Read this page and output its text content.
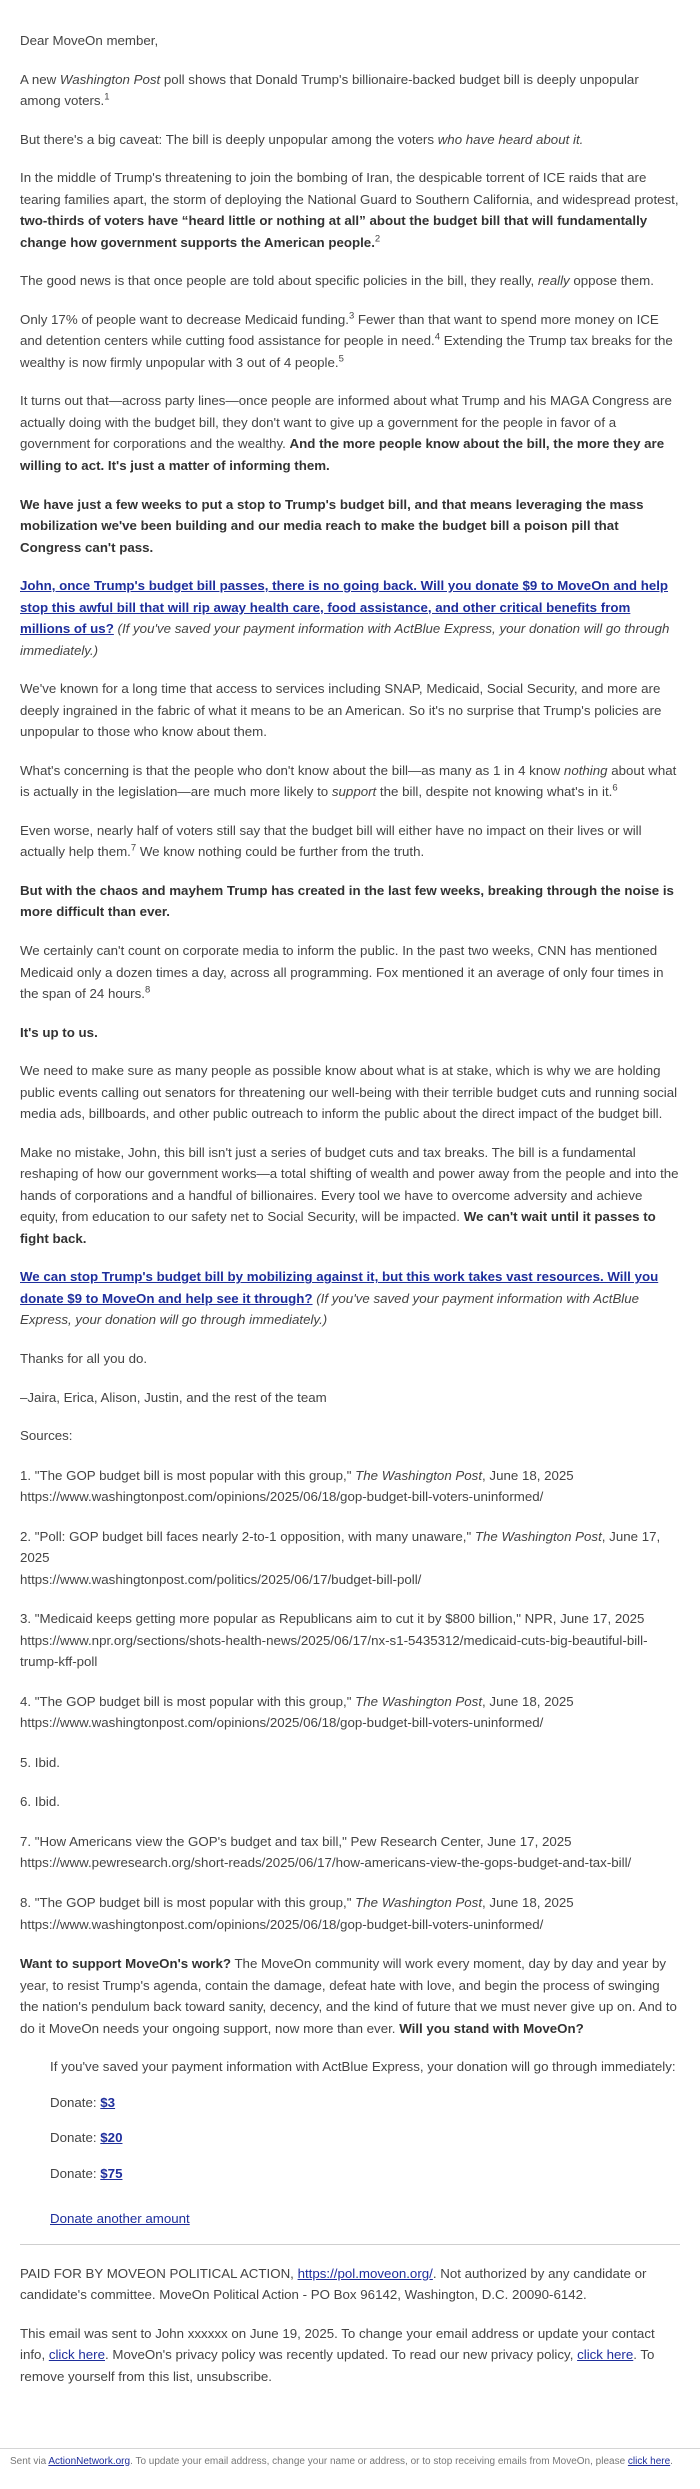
Dear MoveOn member,

A new Washington Post poll shows that Donald Trump's billionaire-backed budget bill is deeply unpopular among voters.$^1$

But there's a big caveat: The bill is deeply unpopular among the voters who have heard about it.

In the middle of Trump's threatening to join the bombing of Iran, the despicable torrent of ICE raids that are tearing families apart, the storm of deploying the National Guard to Southern California, and widespread protest, two-thirds of voters have “heard little or nothing at all” about the budget bill that will fundamentally change how government supports the American people.$^2$

The good news is that once people are told about specific policies in the bill, they really, really oppose them.

Only 17% of people want to decrease Medicaid funding.$^3$ Fewer than that want to spend more money on ICE and detention centers while cutting food assistance for people in need.$^4$ Extending the Trump tax breaks for the wealthy is now firmly unpopular with 3 out of 4 people.$^5$

It turns out that—across party lines—once people are informed about what Trump and his MAGA Congress are actually doing with the budget bill, they don't want to give up a government for the people in favor of a government for corporations and the wealthy. And the more people know about the bill, the more they are willing to act. It's just a matter of informing them.

We have just a few weeks to put a stop to Trump's budget bill, and that means leveraging the mass mobilization we've been building and our media reach to make the budget bill a poison pill that Congress can't pass.

John, once Trump's budget bill passes, there is no going back. Will you donate $9 to MoveOn and help stop this awful bill that will rip away health care, food assistance, and other critical benefits from millions of us? (If you've saved your payment information with ActBlue Express, your donation will go through immediately.)

We've known for a long time that access to services including SNAP, Medicaid, Social Security, and more are deeply ingrained in the fabric of what it means to be an American. So it's no surprise that Trump's policies are unpopular to those who know about them.

What's concerning is that the people who don't know about the bill—as many as 1 in 4 know nothing about what is actually in the legislation—are much more likely to support the bill, despite not knowing what's in it.$^6$

Even worse, nearly half of voters still say that the budget bill will either have no impact on their lives or will actually help them.$^7$ We know nothing could be further from the truth.

But with the chaos and mayhem Trump has created in the last few weeks, breaking through the noise is more difficult than ever.

We certainly can't count on corporate media to inform the public. In the past two weeks, CNN has mentioned Medicaid only a dozen times a day, across all programming. Fox mentioned it an average of only four times in the span of 24 hours.$^8$

It's up to us.

We need to make sure as many people as possible know about what is at stake, which is why we are holding public events calling out senators for threatening our well-being with their terrible budget cuts and running social media ads, billboards, and other public outreach to inform the public about the direct impact of the budget bill.

Make no mistake, John, this bill isn't just a series of budget cuts and tax breaks. The bill is a fundamental reshaping of how our government works—a total shifting of wealth and power away from the people and into the hands of corporations and a handful of billionaires. Every tool we have to overcome adversity and achieve equity, from education to our safety net to Social Security, will be impacted. We can't wait until it passes to fight back.

We can stop Trump's budget bill by mobilizing against it, but this work takes vast resources. Will you donate $9 to MoveOn and help see it through? (If you've saved your payment information with ActBlue Express, your donation will go through immediately.)

Thanks for all you do.

–Jaira, Erica, Alison, Justin, and the rest of the team

Sources:

1. "The GOP budget bill is most popular with this group," The Washington Post, June 18, 2025
https://www.washingtonpost.com/opinions/2025/06/18/gop-budget-bill-voters-uninformed/

2. "Poll: GOP budget bill faces nearly 2-to-1 opposition, with many unaware," The Washington Post, June 17, 2025
https://www.washingtonpost.com/politics/2025/06/17/budget-bill-poll/

3. "Medicaid keeps getting more popular as Republicans aim to cut it by $800 billion," NPR, June 17, 2025
https://www.npr.org/sections/shots-health-news/2025/06/17/nx-s1-5435312/medicaid-cuts-big-beautiful-bill-trump-kff-poll

4. "The GOP budget bill is most popular with this group," The Washington Post, June 18, 2025
https://www.washingtonpost.com/opinions/2025/06/18/gop-budget-bill-voters-uninformed/

5. Ibid.

6. Ibid.

7. "How Americans view the GOP's budget and tax bill," Pew Research Center, June 17, 2025
https://www.pewresearch.org/short-reads/2025/06/17/how-americans-view-the-gops-budget-and-tax-bill/

8. "The GOP budget bill is most popular with this group," The Washington Post, June 18, 2025
https://www.washingtonpost.com/opinions/2025/06/18/gop-budget-bill-voters-uninformed/

Want to support MoveOn's work? The MoveOn community will work every moment, day by day and year by year, to resist Trump's agenda, contain the damage, defeat hate with love, and begin the process of swinging the nation's pendulum back toward sanity, decency, and the kind of future that we must never give up on. And to do it MoveOn needs your ongoing support, now more than ever. Will you stand with MoveOn?

If you've saved your payment information with ActBlue Express, your donation will go through immediately:

Donate: $3

Donate: $20

Donate: $75

Donate another amount

PAID FOR BY MOVEON POLITICAL ACTION, https://pol.moveon.org/. Not authorized by any candidate or candidate's committee. MoveOn Political Action - PO Box 96142, Washington, D.C. 20090-6142.

This email was sent to John xxxxxx on June 19, 2025. To change your email address or update your contact info, click here. MoveOn's privacy policy was recently updated. To read our new privacy policy, click here. To remove yourself from this list, unsubscribe.

Sent via ActionNetwork.org. To update your email address, change your name or address, or to stop receiving emails from MoveOn, please click here.
